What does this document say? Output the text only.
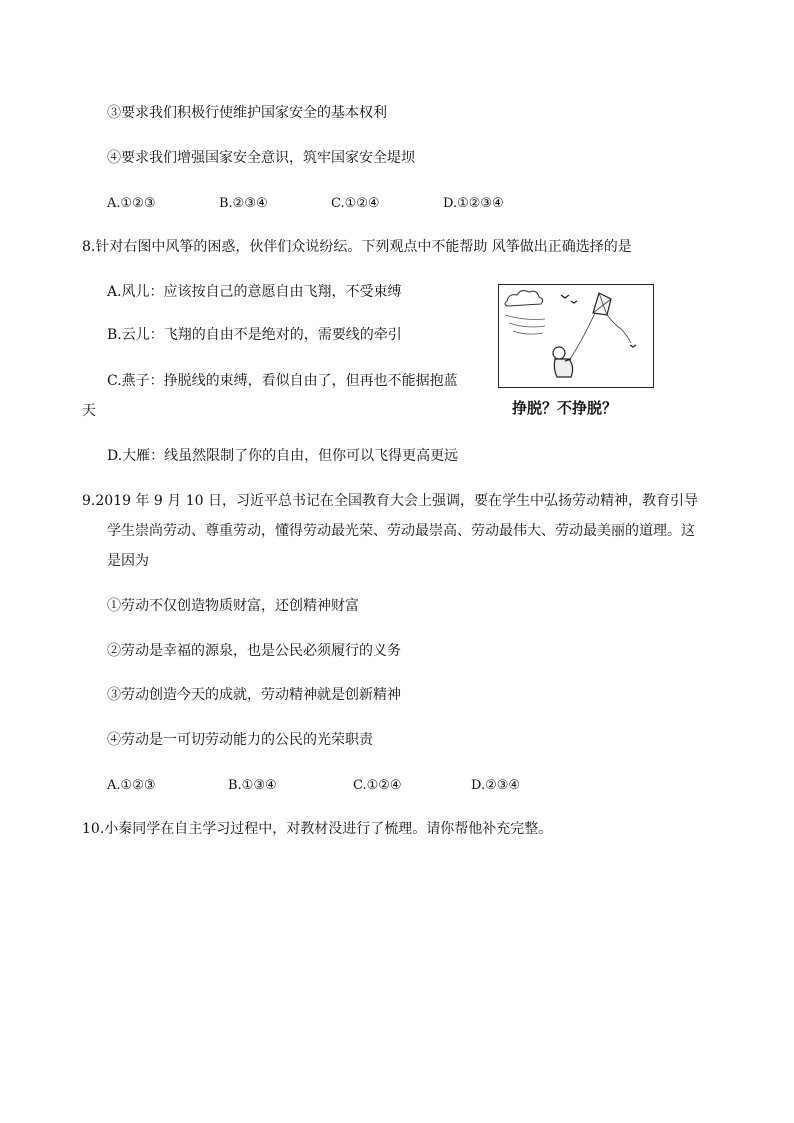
③要求我们积极行使维护国家安全的基本权利
④要求我们增强国家安全意识，筑牢国家安全堤坝
A.①②③	B.②③④	C.①②④	D.①②③④
8.针对右图中风筝的困惑，伙伴们众说纷纭。下列观点中不能帮助 风筝做出正确选择的是
A.风儿：应该按自己的意愿自由飞翔，不受束缚
B.云儿：飞翔的自由不是绝对的，需要线的牵引
C.燕子：挣脱线的束缚，看似自由了，但再也不能据抱蓝
天
D.大雁：线虽然限制了你的自由，但你可以飞得更高更远
挣脱？不挣脱？
9.2019 年 9 月 10 日，习近平总书记在全国教育大会上强调，要在学生中弘扬劳动精神，教育引导
学生崇尚劳动、尊重劳动，懂得劳动最光荣、劳动最崇高、劳动最伟大、劳动最美丽的道理。这
是因为
①劳动不仅创造物质财富，还创精神财富
②劳动是幸福的源泉，也是公民必须履行的义务
③劳动创造今天的成就，劳动精神就是创新精神
④劳动是一可切劳动能力的公民的光荣职责
A.①②③	B.①③④	C.①②④	D.②③④
10.小秦同学在自主学习过程中，对教材没进行了梳理。请你帮他补充完整。
